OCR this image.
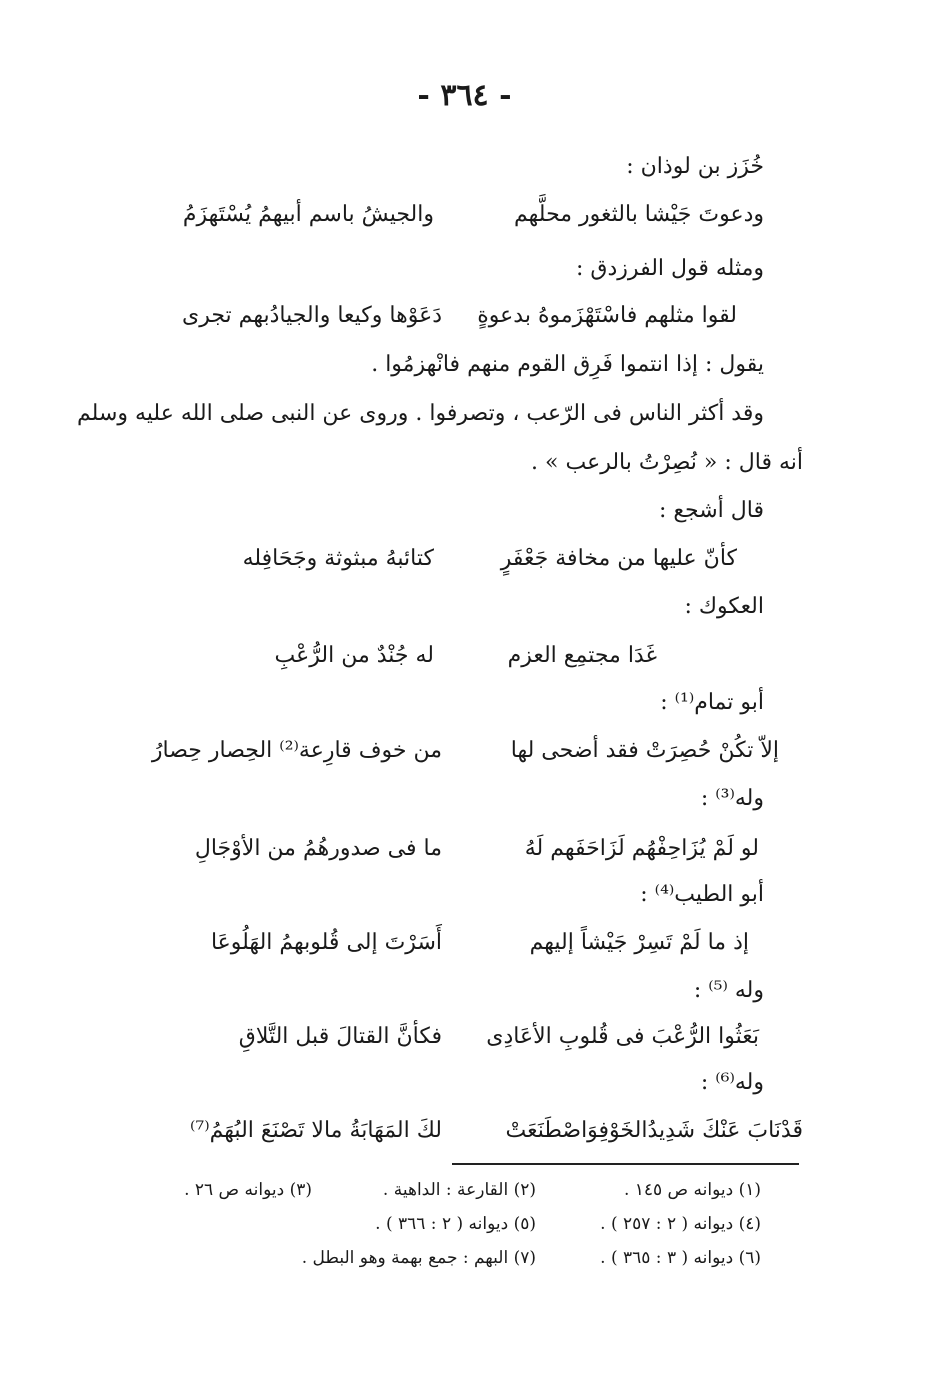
- ٣٦٤ -
خُزَز بن لوذان :
ودعوتَ جَيْشا بالثغور محلَّهم
والجيشُ باسم أبيهمُ يُسْتَهزَمُ
ومثله قول الفرزدق :
لقوا مثلهم فاسْتَهْزَموهُ بدعوةٍ
دَعَوْها وكيعا والجيادُبهم تجرى
يقول : إذا انتموا فَرِق القوم منهم فانْهزمُوا .
وقد أكثر الناس فى الرّعب ، وتصرفوا . وروى عن النبى صلى الله عليه وسلم
أنه قال : « نُصِرْتُ بالرعب » .
قال أشجع :
كأنّ عليها من مخافة جَعْفَرٍ
كتائبهُ مبثوثة وجَحَافِله
العكوك :
غَدَا مجتمِع العزم
له جُنْدٌ من الرُّعْبِ
أبو تمام⁽¹⁾ :
إلاّ تكُنْ حُصِرَتْ فقد أضحى لها
من خوف قارِعة⁽²⁾ الحِصار حِصارُ
وله⁽³⁾ :
لو لَمْ يُزَاحِفْهُم لَزَاحَفَهم لَهُ
ما فى صدورهُمُ من الأوْجَالِ
أبو الطيب⁽⁴⁾ :
إذ ما لَمْ تَسِرْ جَيْشاً إليهم
أَسَرْتَ إلى قُلوبهمُ الهَلُوعَا
وله ⁽⁵⁾ :
بَعَثُوا الرُّعْبَ فى قُلوبِ الأعَادِى
فكأنَّ القتالَ قبل التَّلاقِ
وله⁽⁶⁾ :
قَدْنَابَ عَنْكَ شَدِيدُالخَوْفِوَاصْطَنَعَتْ
لكَ المَهَابَةُ مالا تَصْنَعَ البُهَمُ⁽⁷⁾
(١) ديوانه ص ١٤٥ .
(٢) القارعة : الداهية .
(٣) ديوانه ص ٢٦ .
(٤) ديوانه ( ٢ : ٢٥٧ ) .
(٥) ديوانه ( ٢ : ٣٦٦ ) .
(٦) ديوانه ( ٣ : ٣٦٥ ) .
(٧) البهم : جمع بهمة وهو البطل .
